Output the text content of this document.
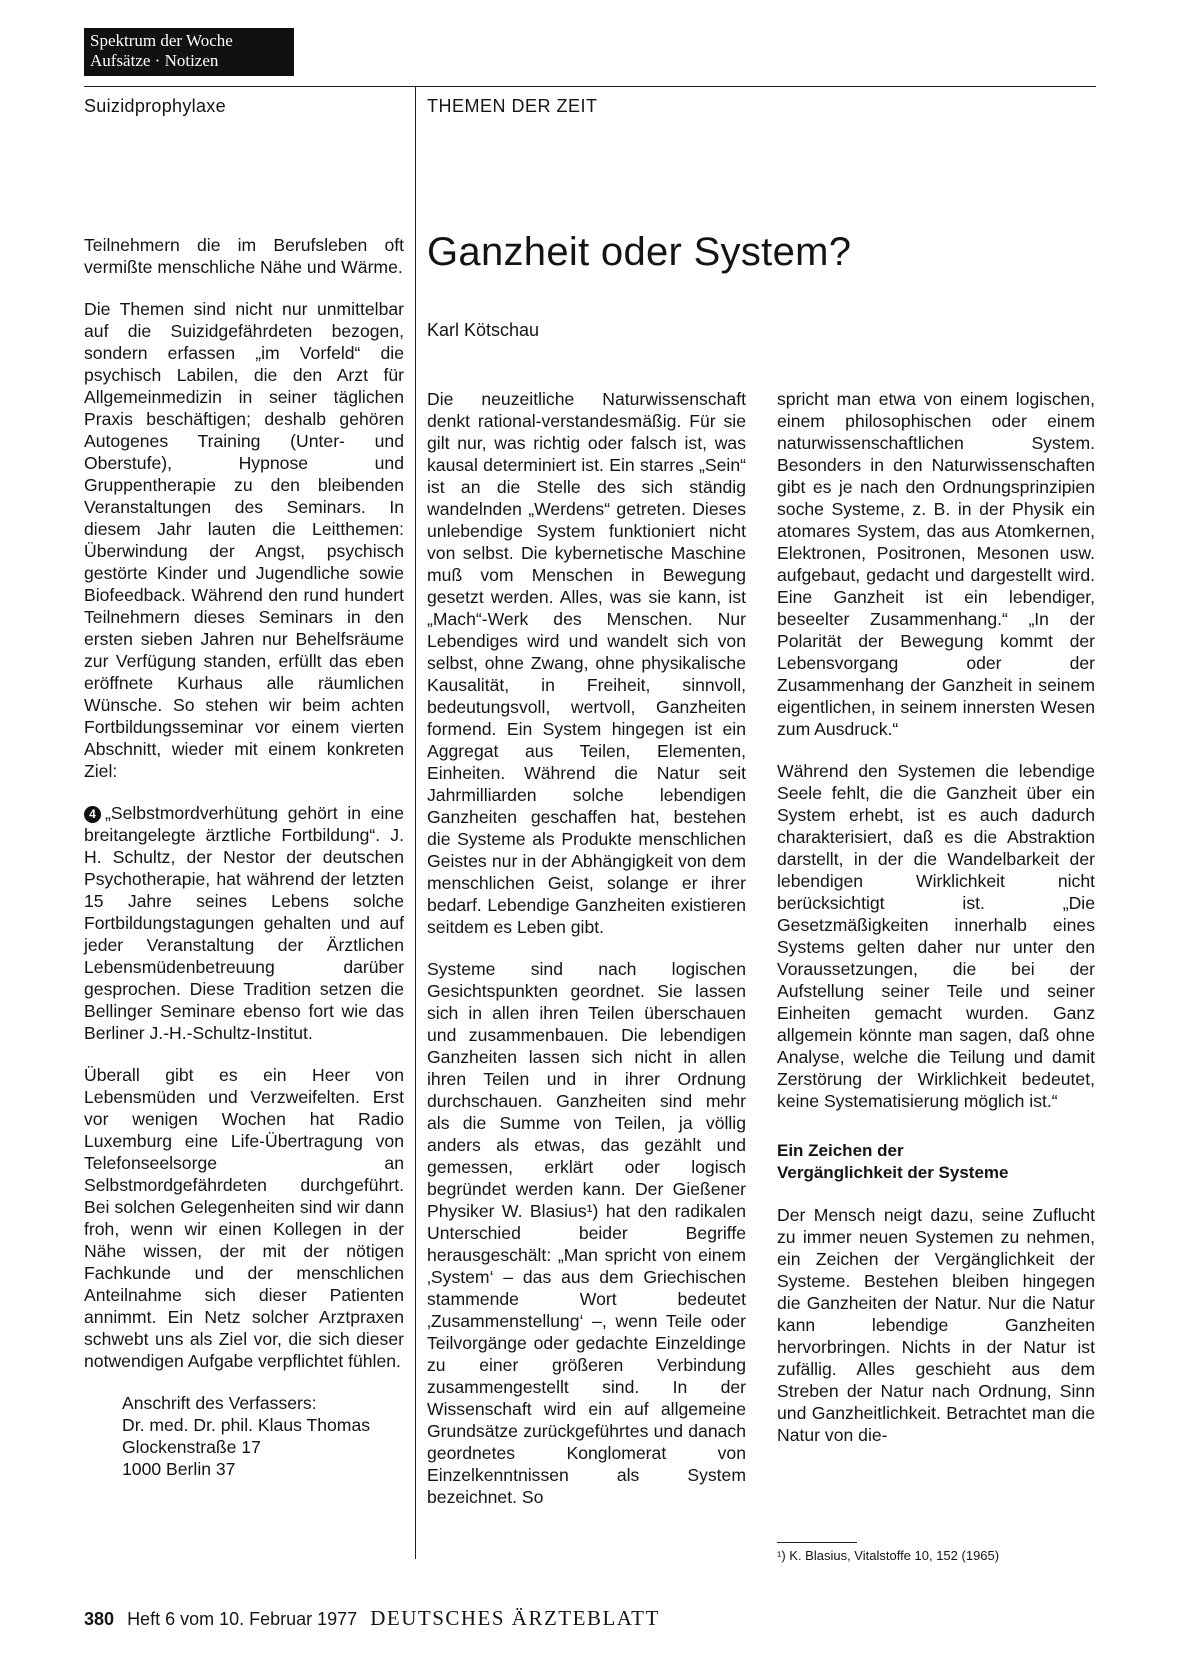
Spektrum der Woche
Aufsätze · Notizen
Suizidprophylaxe	THEMEN DER ZEIT

Teilnehmern die im Berufsleben oft vermißte menschliche Nähe und Wärme.

Die Themen sind nicht nur unmittelbar auf die Suizidgefährdeten bezogen, sondern erfassen „im Vorfeld“ die psychisch Labilen, die den Arzt für Allgemeinmedizin in seiner täglichen Praxis beschäftigen; deshalb gehören Autogenes Training (Unter- und Oberstufe), Hypnose und Gruppentherapie zu den bleibenden Veranstaltungen des Seminars. In diesem Jahr lauten die Leitthemen: Überwindung der Angst, psychisch gestörte Kinder und Jugendliche sowie Biofeedback. Während den rund hundert Teilnehmern dieses Seminars in den ersten sieben Jahren nur Behelfsräume zur Verfügung standen, erfüllt das eben eröffnete Kurhaus alle räumlichen Wünsche. So stehen wir beim achten Fortbildungsseminar vor einem vierten Abschnitt, wieder mit einem konkreten Ziel:

4 „Selbstmordverhütung gehört in eine breitangelegte ärztliche Fortbildung“. J. H. Schultz, der Nestor der deutschen Psychotherapie, hat während der letzten 15 Jahre seines Lebens solche Fortbildungstagungen gehalten und auf jeder Veranstaltung der Ärztlichen Lebensmüdenbetreuung darüber gesprochen. Diese Tradition setzen die Bellinger Seminare ebenso fort wie das Berliner J.-H.-Schultz-Institut.

Überall gibt es ein Heer von Lebensmüden und Verzweifelten. Erst vor wenigen Wochen hat Radio Luxemburg eine Life-Übertragung von Telefonseelsorge an Selbstmordgefährdeten durchgeführt. Bei solchen Gelegenheiten sind wir dann froh, wenn wir einen Kollegen in der Nähe wissen, der mit der nötigen Fachkunde und der menschlichen Anteilnahme sich dieser Patienten annimmt. Ein Netz solcher Arztpraxen schwebt uns als Ziel vor, die sich dieser notwendigen Aufgabe verpflichtet fühlen.

Anschrift des Verfassers:
Dr. med. Dr. phil. Klaus Thomas
Glockenstraße 17
1000 Berlin 37
Ganzheit oder System?
Karl Kötschau

Die neuzeitliche Naturwissenschaft denkt rational-verstandesmäßig. Für sie gilt nur, was richtig oder falsch ist, was kausal determiniert ist. Ein starres „Sein“ ist an die Stelle des sich ständig wandelnden „Werdens“ getreten. Dieses unlebendige System funktioniert nicht von selbst. Die kybernetische Maschine muß vom Menschen in Bewegung gesetzt werden. Alles, was sie kann, ist „Mach“-Werk des Menschen. Nur Lebendiges wird und wandelt sich von selbst, ohne Zwang, ohne physikalische Kausalität, in Freiheit, sinnvoll, bedeutungsvoll, wertvoll, Ganzheiten formend. Ein System hingegen ist ein Aggregat aus Teilen, Elementen, Einheiten. Während die Natur seit Jahrmilliarden solche lebendigen Ganzheiten geschaffen hat, bestehen die Systeme als Produkte menschlichen Geistes nur in der Abhängigkeit von dem menschlichen Geist, solange er ihrer bedarf. Lebendige Ganzheiten existieren seitdem es Leben gibt.

Systeme sind nach logischen Gesichtspunkten geordnet. Sie lassen sich in allen ihren Teilen überschauen und zusammenbauen. Die lebendigen Ganzheiten lassen sich nicht in allen ihren Teilen und in ihrer Ordnung durchschauen. Ganzheiten sind mehr als die Summe von Teilen, ja völlig anders als etwas, das gezählt und gemessen, erklärt oder logisch begründet werden kann. Der Gießener Physiker W. Blasius¹) hat den radikalen Unterschied beider Begriffe herausgeschält: „Man spricht von einem ‚System‘ – das aus dem Griechischen stammende Wort bedeutet ‚Zusammenstellung‘ –, wenn Teile oder Teilvorgänge oder gedachte Einzeldinge zu einer größeren Verbindung zusammengestellt sind. In der Wissenschaft wird ein auf allgemeine Grundsätze zurückgeführtes und danach geordnetes Konglomerat von Einzelkenntnissen als System bezeichnet. So

spricht man etwa von einem logischen, einem philosophischen oder einem naturwissenschaftlichen System. Besonders in den Naturwissenschaften gibt es je nach den Ordnungsprinzipien soche Systeme, z. B. in der Physik ein atomares System, das aus Atomkernen, Elektronen, Positronen, Mesonen usw. aufgebaut, gedacht und dargestellt wird. Eine Ganzheit ist ein lebendiger, beseelter Zusammenhang.“ „In der Polarität der Bewegung kommt der Lebensvorgang oder der Zusammenhang der Ganzheit in seinem eigentlichen, in seinem innersten Wesen zum Ausdruck.“

Während den Systemen die lebendige Seele fehlt, die die Ganzheit über ein System erhebt, ist es auch dadurch charakterisiert, daß es die Abstraktion darstellt, in der die Wandelbarkeit der lebendigen Wirklichkeit nicht berücksichtigt ist. „Die Gesetzmäßigkeiten innerhalb eines Systems gelten daher nur unter den Voraussetzungen, die bei der Aufstellung seiner Teile und seiner Einheiten gemacht wurden. Ganz allgemein könnte man sagen, daß ohne Analyse, welche die Teilung und damit Zerstörung der Wirklichkeit bedeutet, keine Systematisierung möglich ist.“

Ein Zeichen der
Vergänglichkeit der Systeme

Der Mensch neigt dazu, seine Zuflucht zu immer neuen Systemen zu nehmen, ein Zeichen der Vergänglichkeit der Systeme. Bestehen bleiben hingegen die Ganzheiten der Natur. Nur die Natur kann lebendige Ganzheiten hervorbringen. Nichts in der Natur ist zufällig. Alles geschieht aus dem Streben der Natur nach Ordnung, Sinn und Ganzheitlichkeit. Betrachtet man die Natur von die-

¹) K. Blasius, Vitalstoffe 10, 152 (1965)
380 Heft 6 vom 10. Februar 1977 DEUTSCHES ÄRZTEBLATT
